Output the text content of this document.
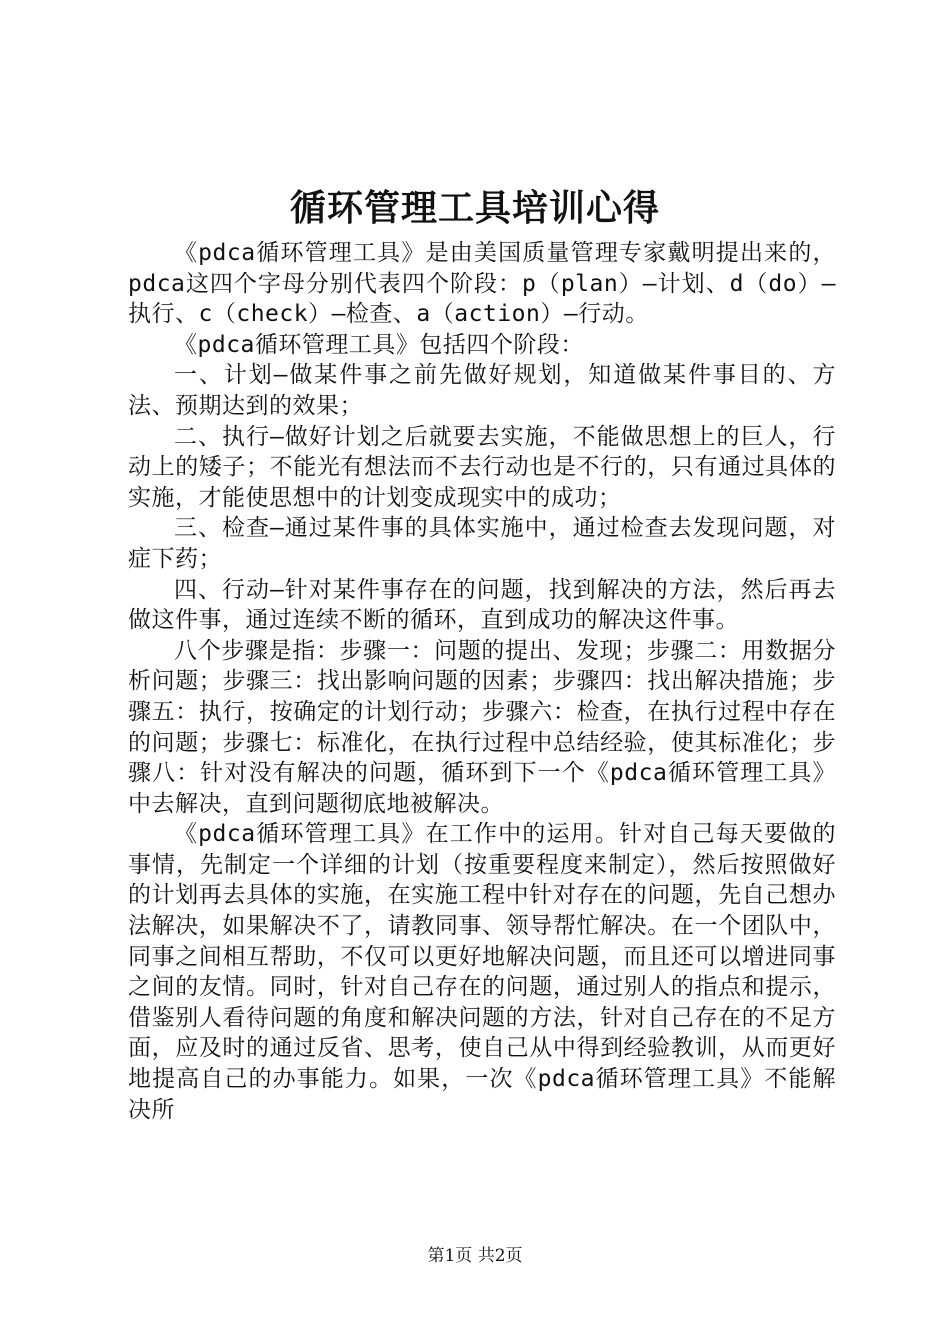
循环管理工具培训心得

《pdca循环管理工具》是由美国质量管理专家戴明提出来的，pdca这四个字母分别代表四个阶段：p（plan）—计划、d（do）—执行、c（check）—检查、a（action）—行动。

《pdca循环管理工具》包括四个阶段：

一、计划—做某件事之前先做好规划，知道做某件事目的、方法、预期达到的效果；

二、执行—做好计划之后就要去实施，不能做思想上的巨人，行动上的矮子；不能光有想法而不去行动也是不行的，只有通过具体的实施，才能使思想中的计划变成现实中的成功；

三、检查—通过某件事的具体实施中，通过检查去发现问题，对症下药；

四、行动—针对某件事存在的问题，找到解决的方法，然后再去做这件事，通过连续不断的循环，直到成功的解决这件事。

八个步骤是指：步骤一：问题的提出、发现；步骤二：用数据分析问题；步骤三：找出影响问题的因素；步骤四：找出解决措施；步骤五：执行，按确定的计划行动；步骤六：检查，在执行过程中存在的问题；步骤七：标准化，在执行过程中总结经验，使其标准化；步骤八：针对没有解决的问题，循环到下一个《pdca循环管理工具》中去解决，直到问题彻底地被解决。

《pdca循环管理工具》在工作中的运用。针对自己每天要做的事情，先制定一个详细的计划（按重要程度来制定），然后按照做好的计划再去具体的实施，在实施工程中针对存在的问题，先自己想办法解决，如果解决不了，请教同事、领导帮忙解决。在一个团队中，同事之间相互帮助，不仅可以更好地解决问题，而且还可以增进同事之间的友情。同时，针对自己存在的问题，通过别人的指点和提示，借鉴别人看待问题的角度和解决问题的方法，针对自己存在的不足方面，应及时的通过反省、思考，使自己从中得到经验教训，从而更好地提高自己的办事能力。如果，一次《pdca循环管理工具》不能解决所

第1页 共2页
